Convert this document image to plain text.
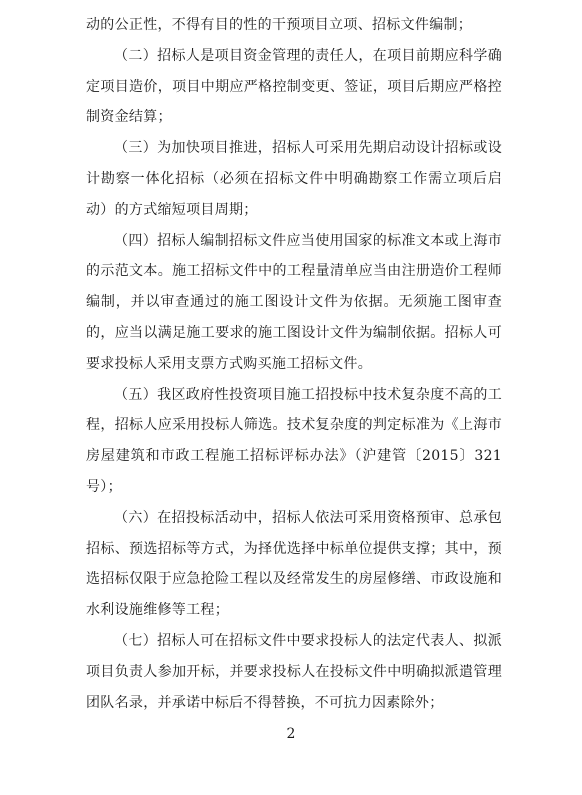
动的公正性，不得有目的性的干预项目立项、招标文件编制；

（二）招标人是项目资金管理的责任人，在项目前期应科学确定项目造价，项目中期应严格控制变更、签证，项目后期应严格控制资金结算；

（三）为加快项目推进，招标人可采用先期启动设计招标或设计勘察一体化招标（必须在招标文件中明确勘察工作需立项后启动）的方式缩短项目周期；

（四）招标人编制招标文件应当使用国家的标准文本或上海市的示范文本。施工招标文件中的工程量清单应当由注册造价工程师编制，并以审查通过的施工图设计文件为依据。无须施工图审查的，应当以满足施工要求的施工图设计文件为编制依据。招标人可要求投标人采用支票方式购买施工招标文件。

（五）我区政府性投资项目施工招投标中技术复杂度不高的工程，招标人应采用投标人筛选。技术复杂度的判定标准为《上海市房屋建筑和市政工程施工招标评标办法》（沪建管〔2015〕321号）；

（六）在招投标活动中，招标人依法可采用资格预审、总承包招标、预选招标等方式，为择优选择中标单位提供支撑；其中，预选招标仅限于应急抢险工程以及经常发生的房屋修缮、市政设施和水利设施维修等工程；

（七）招标人可在招标文件中要求投标人的法定代表人、拟派项目负责人参加开标，并要求投标人在投标文件中明确拟派遣管理团队名录，并承诺中标后不得替换，不可抗力因素除外；

2
